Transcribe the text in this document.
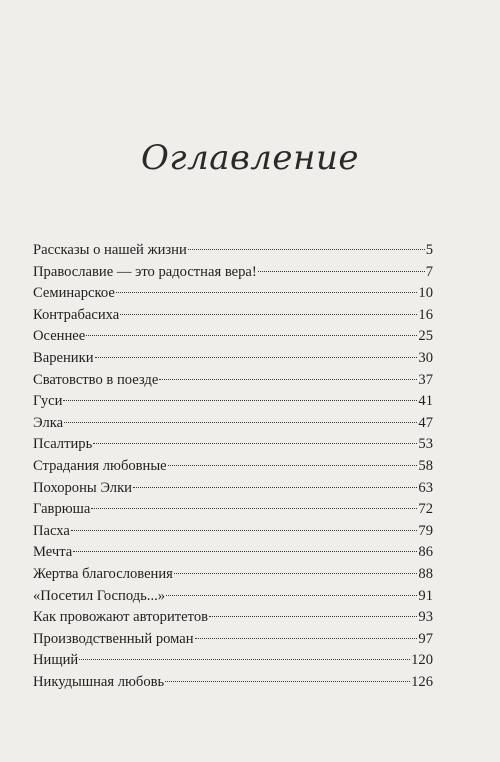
Оглавление
Рассказы о нашей жизни	5
Православие — это радостная вера!	7
Семинарское	10
Контрабасиха	16
Осеннее	25
Вареники	30
Сватовство в поезде	37
Гуси	41
Элка	47
Псалтирь	53
Страдания любовные	58
Похороны Элки	63
Гаврюша	72
Пасха	79
Мечта	86
Жертва благословения	88
«Посетил Господь...»	91
Как провожают авторитетов	93
Производственный роман	97
Нищий	120
Никудышная любовь	126
